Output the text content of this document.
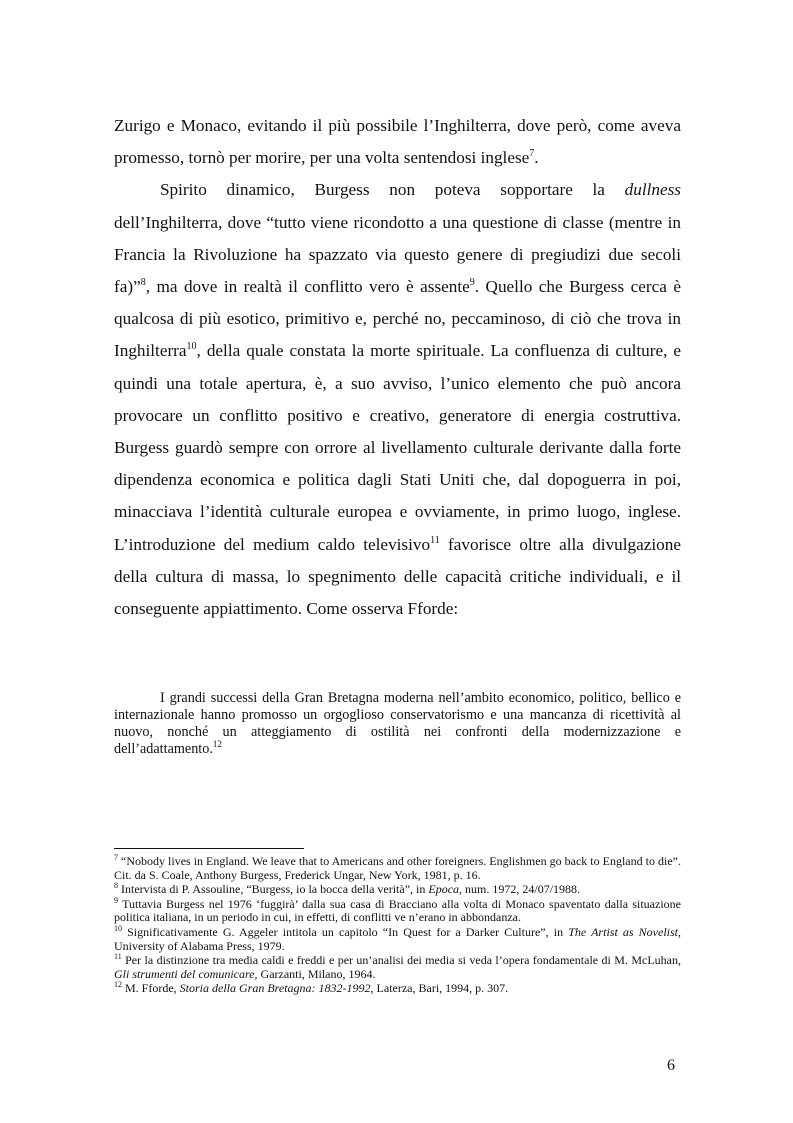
Zurigo e Monaco, evitando il più possibile l’Inghilterra, dove però, come aveva promesso, tornò per morire, per una volta sentendosi inglese$^7$.

Spirito dinamico, Burgess non poteva sopportare la dullness dell’Inghilterra, dove “tutto viene ricondotto a una questione di classe (mentre in Francia la Rivoluzione ha spazzato via questo genere di pregiudizi due secoli fa)”$^8$, ma dove in realtà il conflitto vero è assente$^9$. Quello che Burgess cerca è qualcosa di più esotico, primitivo e, perché no, peccaminoso, di ciò che trova in Inghilterra$^{10}$, della quale constata la morte spirituale. La confluenza di culture, e quindi una totale apertura, è, a suo avviso, l’unico elemento che può ancora provocare un conflitto positivo e creativo, generatore di energia costruttiva. Burgess guardò sempre con orrore al livellamento culturale derivante dalla forte dipendenza economica e politica dagli Stati Uniti che, dal dopoguerra in poi, minacciava l’identità culturale europea e ovviamente, in primo luogo, inglese. L’introduzione del medium caldo televisivo$^{11}$ favorisce oltre alla divulgazione della cultura di massa, lo spegnimento delle capacità critiche individuali, e il conseguente appiattimento. Come osserva Fforde:

I grandi successi della Gran Bretagna moderna nell’ambito economico, politico, bellico e internazionale hanno promosso un orgoglioso conservatorismo e una mancanza di ricettività al nuovo, nonché un atteggiamento di ostilità nei confronti della modernizzazione e dell’adattamento.$^{12}$

$^7$ “Nobody lives in England. We leave that to Americans and other foreigners. Englishmen go back to England to die”. Cit. da S. Coale, Anthony Burgess, Frederick Ungar, New York, 1981, p. 16.

$^8$ Intervista di P. Assouline, “Burgess, io la bocca della verità”, in Epoca, num. 1972, 24/07/1988.

$^9$ Tuttavia Burgess nel 1976 ‘fuggirà’ dalla sua casa di Bracciano alla volta di Monaco spaventato dalla situazione politica italiana, in un periodo in cui, in effetti, di conflitti ve n’erano in abbondanza.

$^{10}$ Significativamente G. Aggeler intitola un capitolo “In Quest for a Darker Culture”, in The Artist as Novelist, University of Alabama Press, 1979.

$^{11}$ Per la distinzione tra media caldi e freddi e per un’analisi dei media si veda l’opera fondamentale di M. McLuhan, Gli strumenti del comunicare, Garzanti, Milano, 1964.

$^{12}$ M. Fforde, Storia della Gran Bretagna: 1832-1992, Laterza, Bari, 1994, p. 307.

6
